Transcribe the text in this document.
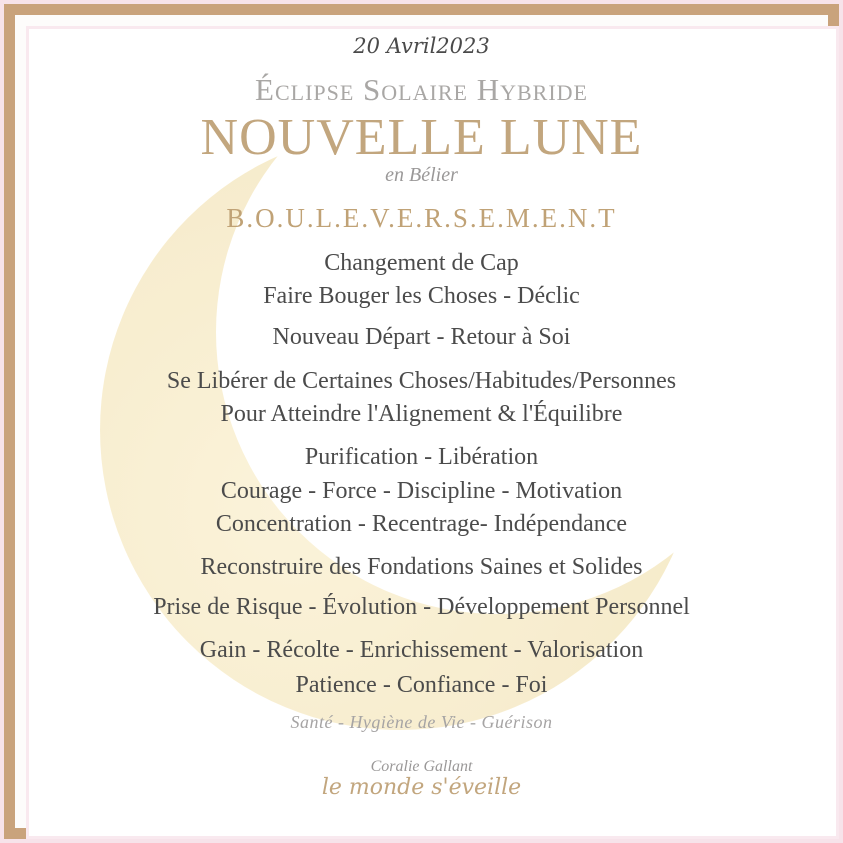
20 Avril2023
Éclipse Solaire Hybride
NOUVELLE LUNE
en Bélier
B.O.U.L.E.V.E.R.S.E.M.E.N.T
Changement de Cap
Faire Bouger les Choses - Déclic
Nouveau Départ - Retour à Soi
Se Libérer de Certaines Choses/Habitudes/Personnes
Pour Atteindre l'Alignement & l'Équilibre
Purification - Libération
Courage - Force - Discipline - Motivation
Concentration - Recentrage- Indépendance
Reconstruire des Fondations Saines et Solides
Prise de Risque - Évolution - Développement Personnel
Gain - Récolte - Enrichissement - Valorisation
Patience - Confiance - Foi
Santé - Hygiène de Vie - Guérison
Coralie Gallant
le monde s'éveille
